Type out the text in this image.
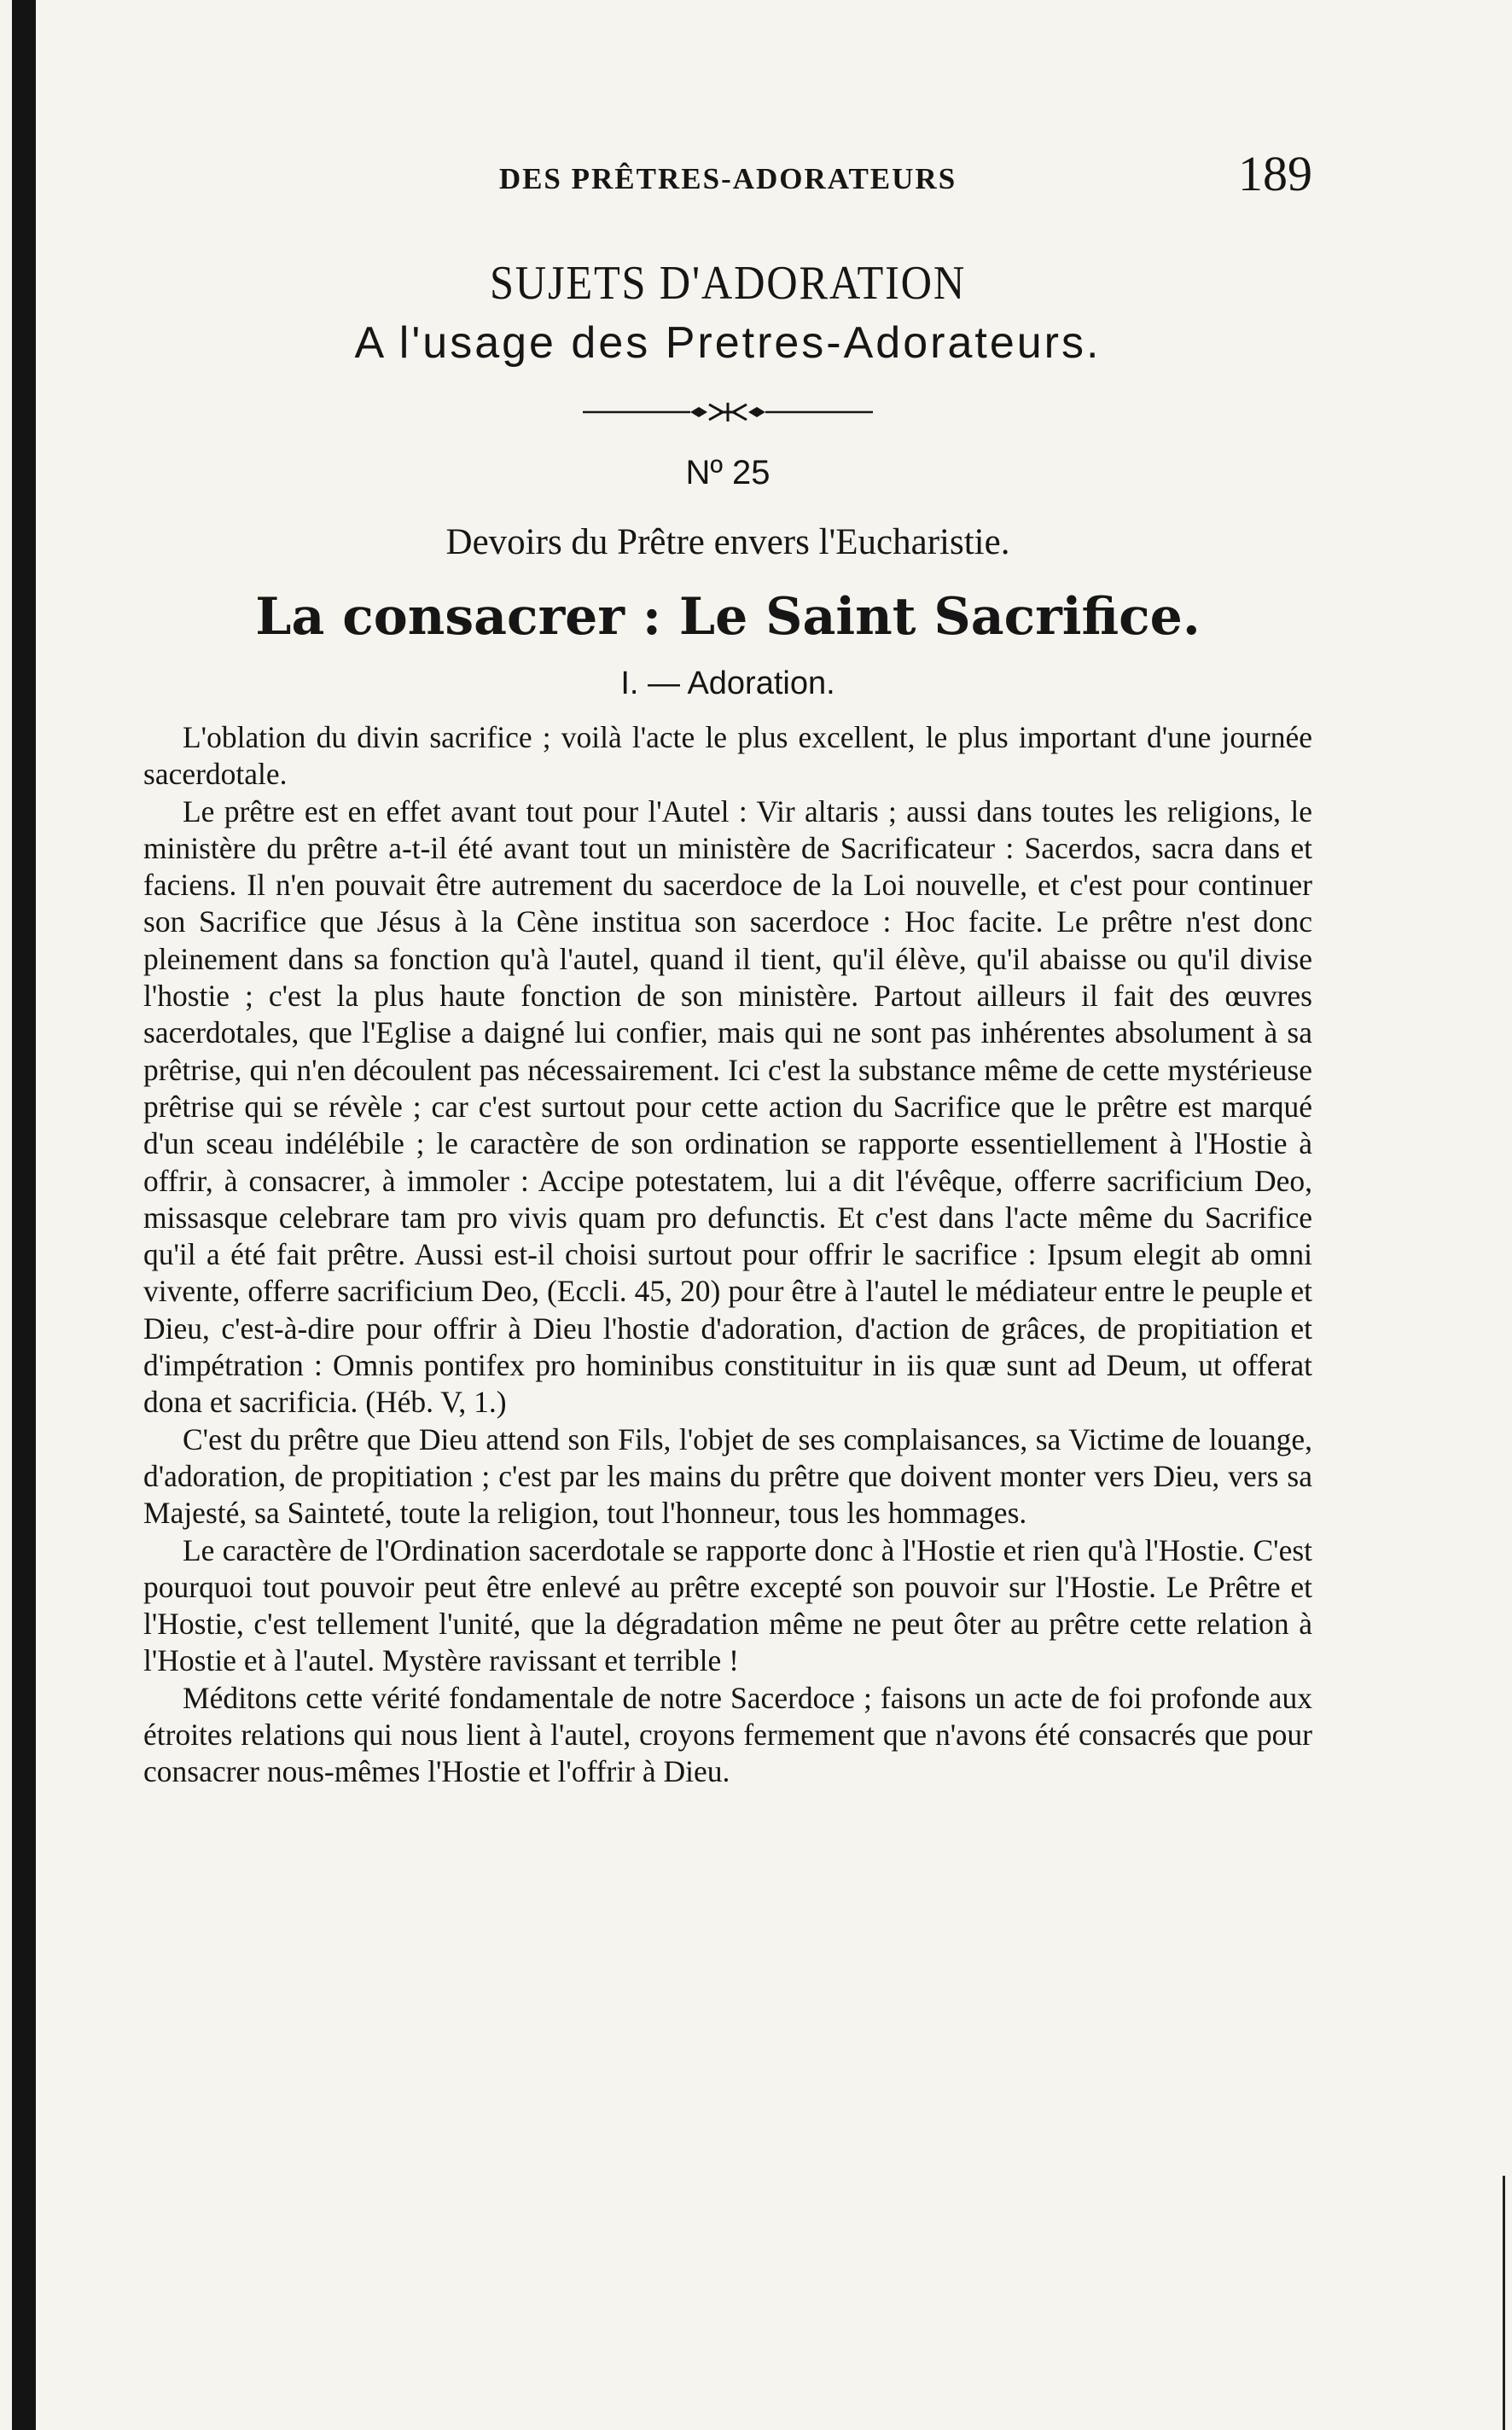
DES PRÊTRES-ADORATEURS	189
SUJETS D'ADORATION
A l'usage des Pretres-Adorateurs.
Nº 25
Devoirs du Prêtre envers l'Eucharistie.
La consacrer : Le Saint Sacrifice.
I. — Adoration.

L'oblation du divin sacrifice ; voilà l'acte le plus excellent, le plus important d'une journée sacerdotale.

Le prêtre est en effet avant tout pour l'Autel : Vir altaris ; aussi dans toutes les religions, le ministère du prêtre a-t-il été avant tout un ministère de Sacrificateur : Sacerdos, sacra dans et faciens. Il n'en pouvait être autrement du sacerdoce de la Loi nouvelle, et c'est pour continuer son Sacrifice que Jésus à la Cène institua son sacerdoce : Hoc facite. Le prêtre n'est donc pleinement dans sa fonction qu'à l'autel, quand il tient, qu'il élève, qu'il abaisse ou qu'il divise l'hostie ; c'est la plus haute fonction de son ministère. Partout ailleurs il fait des œuvres sacerdotales, que l'Eglise a daigné lui confier, mais qui ne sont pas inhérentes absolument à sa prêtrise, qui n'en découlent pas nécessairement. Ici c'est la substance même de cette mystérieuse prêtrise qui se révèle ; car c'est surtout pour cette action du Sacrifice que le prêtre est marqué d'un sceau indélébile ; le caractère de son ordination se rapporte essentiellement à l'Hostie à offrir, à consacrer, à immoler : Accipe potestatem, lui a dit l'évêque, offerre sacrificium Deo, missasque celebrare tam pro vivis quam pro defunctis. Et c'est dans l'acte même du Sacrifice qu'il a été fait prêtre. Aussi est-il choisi surtout pour offrir le sacrifice : Ipsum elegit ab omni vivente, offerre sacrificium Deo, (Eccli. 45, 20) pour être à l'autel le médiateur entre le peuple et Dieu, c'est-à-dire pour offrir à Dieu l'hostie d'adoration, d'action de grâces, de propitiation et d'impétration : Omnis pontifex pro hominibus constituitur in iis quæ sunt ad Deum, ut offerat dona et sacrificia. (Héb. V, 1.)

C'est du prêtre que Dieu attend son Fils, l'objet de ses complaisances, sa Victime de louange, d'adoration, de propitiation ; c'est par les mains du prêtre que doivent monter vers Dieu, vers sa Majesté, sa Sainteté, toute la religion, tout l'honneur, tous les hommages.

Le caractère de l'Ordination sacerdotale se rapporte donc à l'Hostie et rien qu'à l'Hostie. C'est pourquoi tout pouvoir peut être enlevé au prêtre excepté son pouvoir sur l'Hostie. Le Prêtre et l'Hostie, c'est tellement l'unité, que la dégradation même ne peut ôter au prêtre cette relation à l'Hostie et à l'autel. Mystère ravissant et terrible !

Méditons cette vérité fondamentale de notre Sacerdoce ; faisons un acte de foi profonde aux étroites relations qui nous lient à l'autel, croyons fermement que n'avons été consacrés que pour consacrer nous-mêmes l'Hostie et l'offrir à Dieu.
